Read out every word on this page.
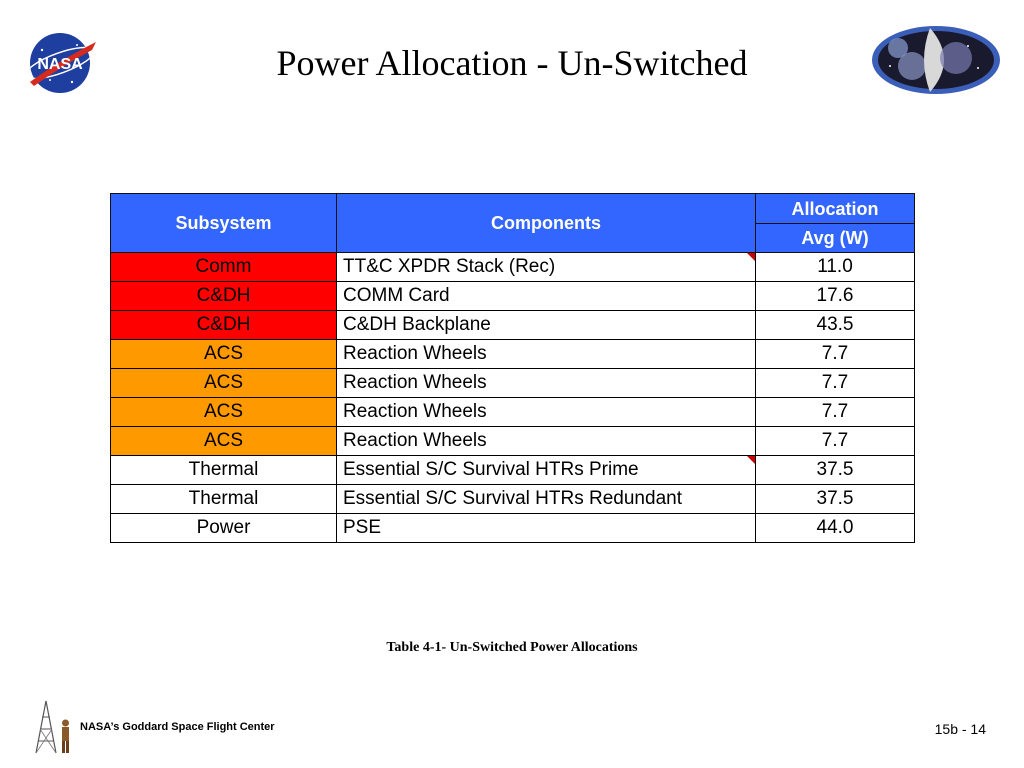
NASA	Power Allocation - Un-Switched
Subsystem	Components	Allocation
		Avg (W)
Comm	TT&C XPDR Stack (Rec)	11.0
C&DH	COMM Card	17.6
C&DH	C&DH Backplane	43.5
ACS	Reaction Wheels	7.7
ACS	Reaction Wheels	7.7
ACS	Reaction Wheels	7.7
ACS	Reaction Wheels	7.7
Thermal	Essential S/C Survival HTRs Prime	37.5
Thermal	Essential S/C Survival HTRs Redundant	37.5
Power	PSE	44.0
Table 4-1- Un-Switched Power Allocations
NASA’s Goddard Space Flight Center	15b - 14
